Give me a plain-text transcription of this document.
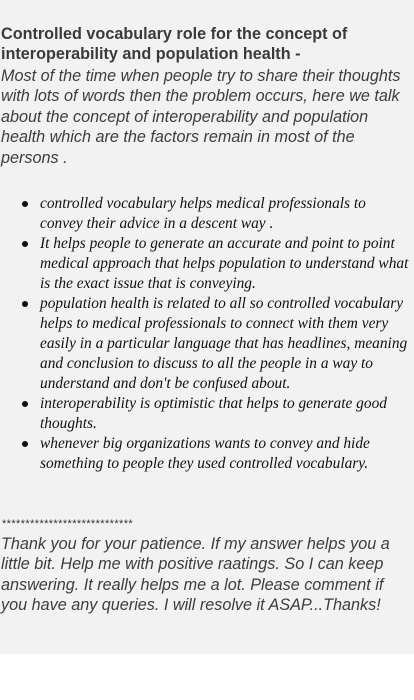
Controlled vocabulary role for the concept of interoperability and population health -
Most of the time when people try to share their thoughts with lots of words then the problem occurs, here we talk about the concept of interoperability and population health which are the factors remain in most of the persons .
controlled vocabulary helps medical professionals to convey their advice in a descent way .
It helps people to generate an accurate and point to point medical approach that helps population to understand what is the exact issue that is conveying.
population health is related to all so controlled vocabulary helps to medical professionals to connect with them very easily in a particular language that has headlines, meaning and conclusion to discuss to all the people in a way to understand and don't be confused about.
interoperability is optimistic that helps to generate good thoughts.
whenever big organizations wants to convey and hide something to people they used controlled vocabulary.
****************************
Thank you for your patience. If my answer helps you a little bit. Help me with positive raatings. So I can keep answering. It really helps me a lot. Please comment if you have any queries. I will resolve it ASAP...Thanks!
